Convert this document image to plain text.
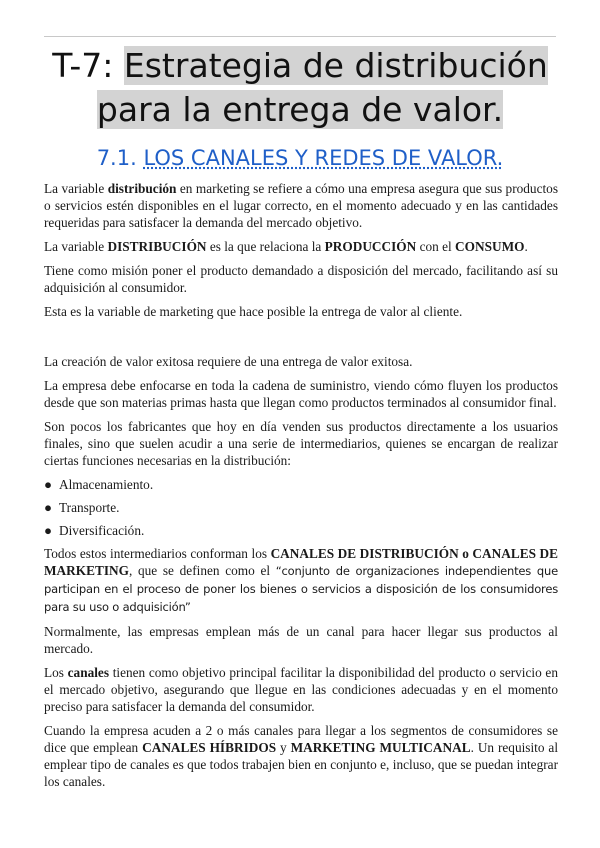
T-7: Estrategia de distribución
para la entrega de valor.
7.1. LOS CANALES Y REDES DE VALOR.

La variable distribución en marketing se refiere a cómo una empresa asegura que sus productos o servicios estén disponibles en el lugar correcto, en el momento adecuado y en las cantidades requeridas para satisfacer la demanda del mercado objetivo.

La variable DISTRIBUCIÓN es la que relaciona la PRODUCCIÓN con el CONSUMO.

Tiene como misión poner el producto demandado a disposición del mercado, facilitando así su adquisición al consumidor.

Esta es la variable de marketing que hace posible la entrega de valor al cliente.

La creación de valor exitosa requiere de una entrega de valor exitosa.

La empresa debe enfocarse en toda la cadena de suministro, viendo cómo fluyen los productos desde que son materias primas hasta que llegan como productos terminados al consumidor final.

Son pocos los fabricantes que hoy en día venden sus productos directamente a los usuarios finales, sino que suelen acudir a una serie de intermediarios, quienes se encargan de realizar ciertas funciones necesarias en la distribución:

● Almacenamiento.
● Transporte.
● Diversificación.

Todos estos intermediarios conforman los CANALES DE DISTRIBUCIÓN o CANALES DE MARKETING, que se definen como el “conjunto de organizaciones independientes que participan en el proceso de poner los bienes o servicios a disposición de los consumidores para su uso o adquisición”

Normalmente, las empresas emplean más de un canal para hacer llegar sus productos al mercado.

Los canales tienen como objetivo principal facilitar la disponibilidad del producto o servicio en el mercado objetivo, asegurando que llegue en las condiciones adecuadas y en el momento preciso para satisfacer la demanda del consumidor.

Cuando la empresa acuden a 2 o más canales para llegar a los segmentos de consumidores se dice que emplean CANALES HÍBRIDOS y MARKETING MULTICANAL. Un requisito al emplear tipo de canales es que todos trabajen bien en conjunto e, incluso, que se puedan integrar los canales.
